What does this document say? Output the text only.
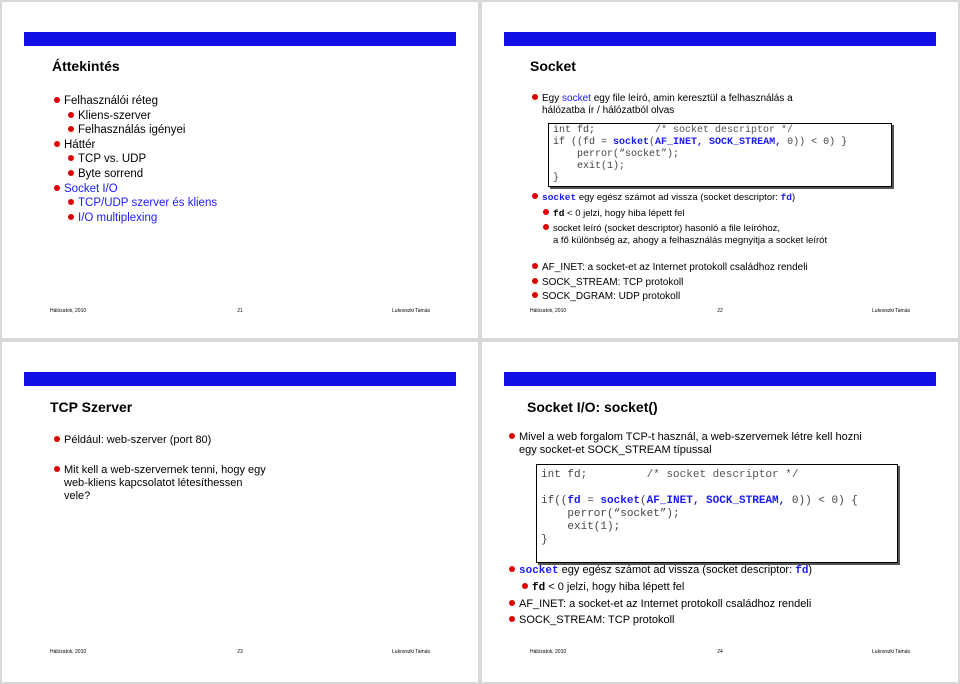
Áttekintés
Felhasználói réteg
Kliens-szerver
Felhasználás igényei
Háttér
TCP vs. UDP
Byte sorrend
Socket I/O
TCP/UDP szerver és kliens
I/O multiplexing
Hálózatok, 2010	21	Lukovszki Tamás
Socket
Egy socket egy file leíró, amin keresztül a felhasználás a
hálózatba ír / hálózatból olvas
int fd;	/* socket descriptor */
if ((fd = socket(AF_INET, SOCK_STREAM, 0)) < 0) }
perror(“socket”);
exit(1);
}
socket egy egész számot ad vissza (socket descriptor: fd)
fd < 0 jelzi, hogy hiba lépett fel
socket leíró (socket descriptor) hasonló a file leíróhoz,
a fő különbség az, ahogy a felhasználás megnyitja a socket leírót
AF_INET: a socket-et az Internet protokoll családhoz rendeli
SOCK_STREAM: TCP protokoll
SOCK_DGRAM: UDP protokoll
Hálózatok, 2010	22	Lukovszki Tamás
TCP Szerver
Például: web-szerver (port 80)
Mit kell a web-szervernek tenni, hogy egy
web-kliens kapcsolatot létesíthessen
vele?
Hálózatok, 2010	23	Lukovszki Tamás
Socket I/O: socket()
Mivel a web forgalom TCP-t használ, a web-szervernek létre kell hozni
egy socket-et SOCK_STREAM típussal
int fd;	/* socket descriptor */

if((fd = socket(AF_INET, SOCK_STREAM, 0)) < 0) {
perror(“socket”);
exit(1);
}
socket egy egész számot ad vissza (socket descriptor: fd)
fd < 0 jelzi, hogy hiba lépett fel
AF_INET: a socket-et az Internet protokoll családhoz rendeli
SOCK_STREAM: TCP protokoll
Hálózatok, 2010	24	Lukovszki Tamás
